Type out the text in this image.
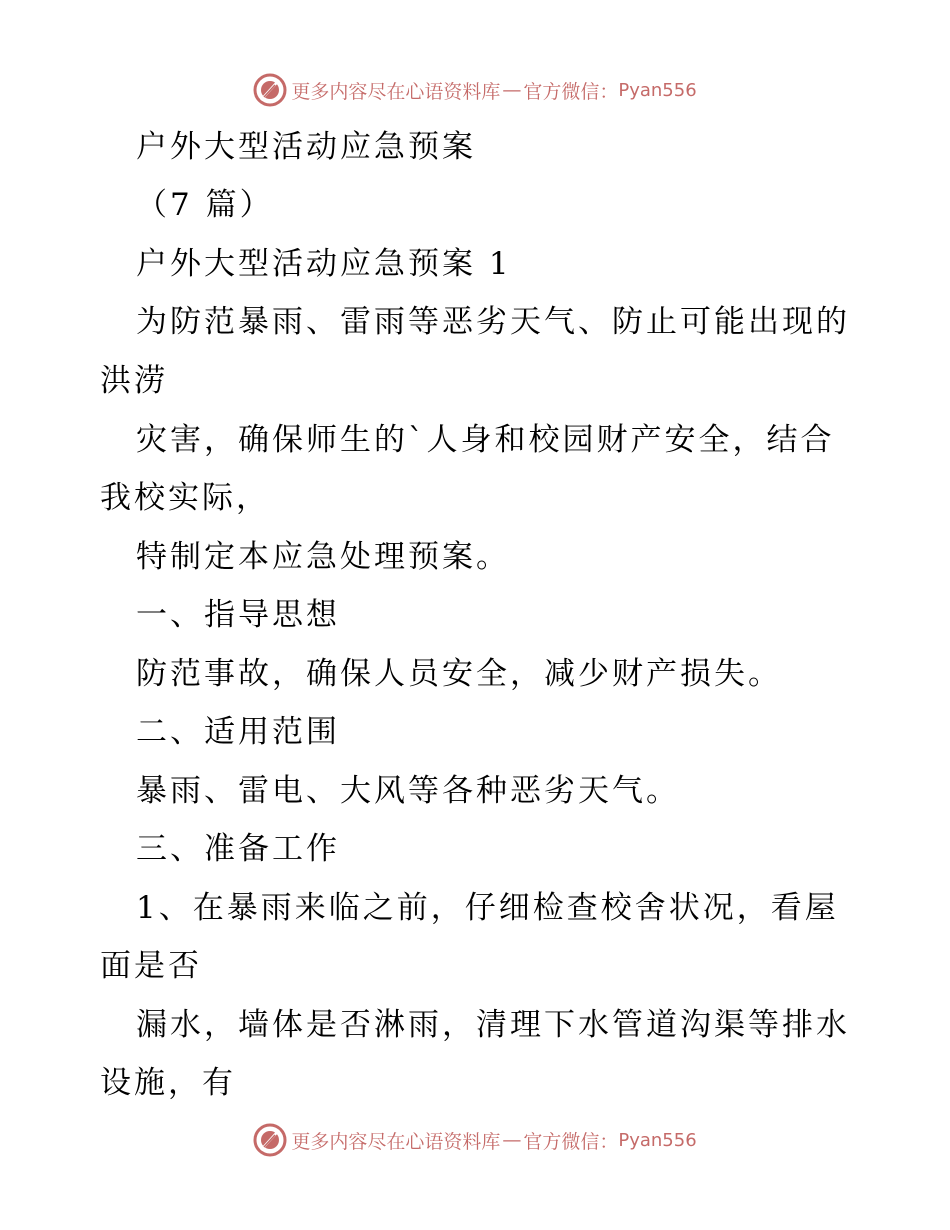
更多内容尽在心语资料库 — 官方微信： Pyan556
户外大型活动应急预案
（7 篇）
户外大型活动应急预案 1
为防范暴雨、雷雨等恶劣天气、防止可能出现的
洪涝
灾害，确保师生的`人身和校园财产安全，结合
我校实际，
特制定本应急处理预案。
一、指导思想
防范事故，确保人员安全，减少财产损失。
二、适用范围
暴雨、雷电、大风等各种恶劣天气。
三、准备工作
1、在暴雨来临之前，仔细检查校舍状况，看屋
面是否
漏水，墙体是否淋雨，清理下水管道沟渠等排水
设施，有
更多内容尽在心语资料库 — 官方微信： Pyan556
